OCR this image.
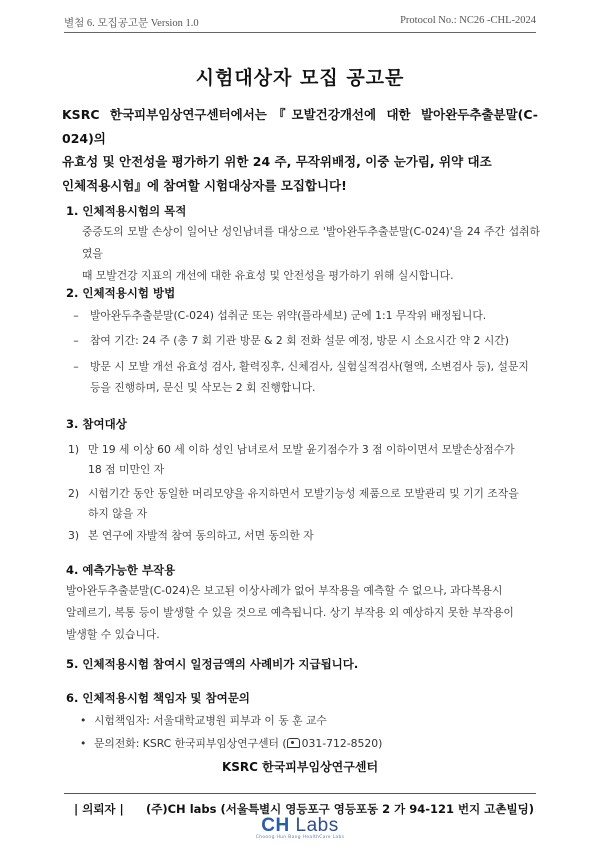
별첨 6. 모집공고문 Version 1.0	Protocol No.: NC26 -CHL-2024
시험대상자 모집 공고문
KSRC 한국피부임상연구센터에서는『모발건강개선에 대한 발아완두추출분말(C-024)의
유효성 및 안전성을 평가하기 위한 24 주, 무작위배정, 이중 눈가림, 위약 대조
인체적용시험』에 참여할 시험대상자를 모집합니다!
1. 인체적용시험의 목적
중증도의 모발 손상이 일어난 성인남녀를 대상으로 '발아완두추출분말(C-024)'을 24 주간 섭취하였을
때 모발건강 지표의 개선에 대한 유효성 및 안전성을 평가하기 위해 실시합니다.
2. 인체적용시험 방법
–	발아완두추출분말(C-024) 섭취군 또는 위약(플라세보) 군에 1:1 무작위 배정됩니다.
–	참여 기간: 24 주 (총 7 회 기관 방문 & 2 회 전화 설문 예정, 방문 시 소요시간 약 2 시간)
–	방문 시 모발 개선 유효성 검사, 활력징후, 신체검사, 실험실적검사(혈액, 소변검사 등), 설문지
등을 진행하며, 문신 및 삭모는 2 회 진행합니다.
3. 참여대상
1) 만 19 세 이상 60 세 이하 성인 남녀로서 모발 윤기점수가 3 점 이하이면서 모발손상점수가
18 점 미만인 자
2) 시험기간 동안 동일한 머리모양을 유지하면서 모발기능성 제품으로 모발관리 및 기기 조작을
하지 않을 자
3) 본 연구에 자발적 참여 동의하고, 서면 동의한 자
4. 예측가능한 부작용
발아완두추출분말(C-024)은 보고된 이상사례가 없어 부작용을 예측할 수 없으나, 과다복용시
알레르기, 복통 등이 발생할 수 있을 것으로 예측됩니다. 상기 부작용 외 예상하지 못한 부작용이
발생할 수 있습니다.
5. 인체적용시험 참여시 일정금액의 사례비가 지급됩니다.
6. 인체적용시험 책임자 및 참여문의
• 시험책임자: 서울대학교병원 피부과 이 동 훈 교수
• 문의전화: KSRC 한국피부임상연구센터 ( 031-712-8520)
KSRC 한국피부임상연구센터
| 의뢰자 | (주)CH labs (서울특별시 영등포구 영등포동 2 가 94-121 번지 고촌빌딩)
CH Labs
Choong Hun Bang HealthCare Labs
